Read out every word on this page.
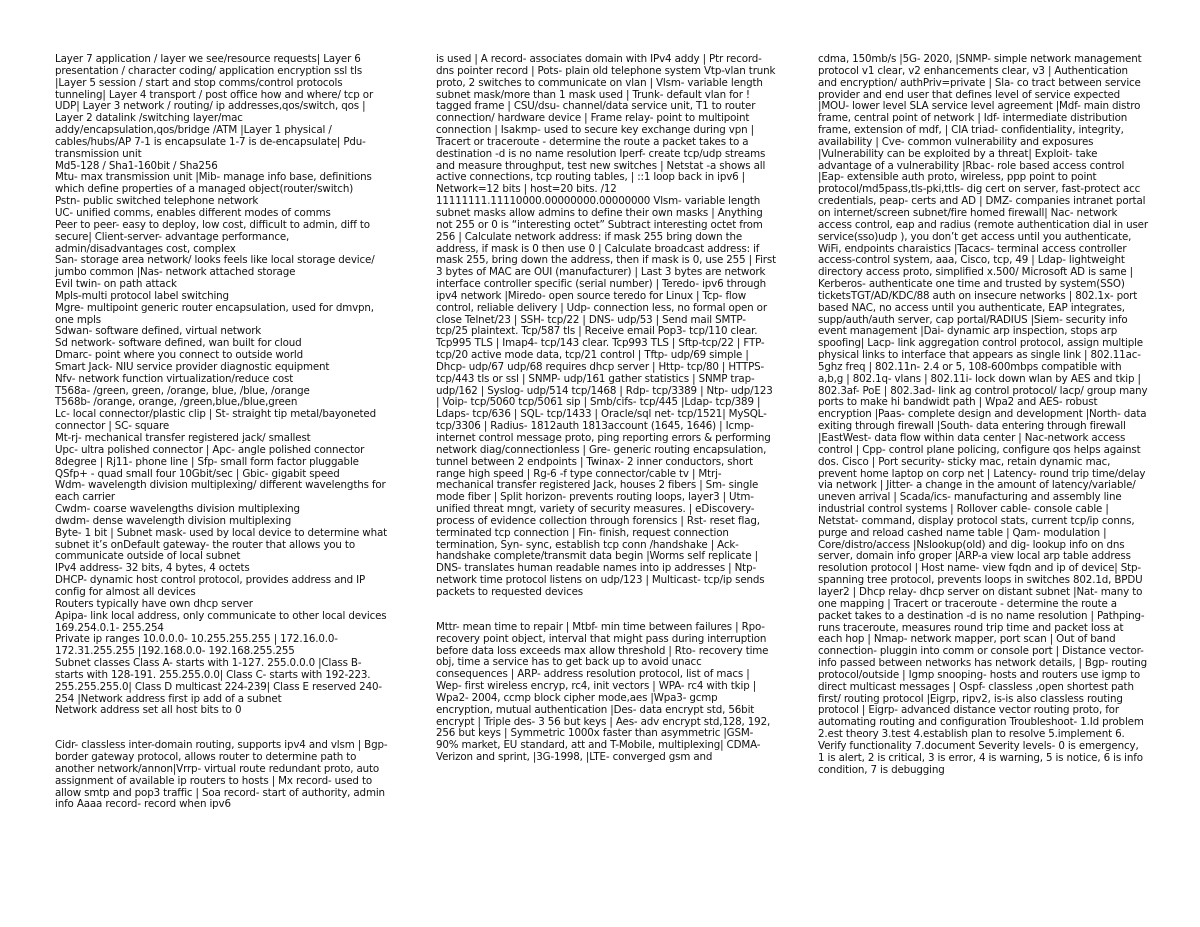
Layer 7 application / layer we see/resource requests| Layer 6 presentation / character coding/ application encryption ssl tls |Layer 5 session / start and stop comms/control protocols tunneling| Layer 4 transport / post office how and where/ tcp or UDP| Layer 3 network / routing/ ip addresses,qos/switch, qos | Layer 2 datalink /switching layer/mac addy/encapsulation,qos/bridge /ATM |Layer 1 physical / cables/hubs/AP 7-1 is encapsulate 1-7 is de-encapsulate| Pdu- transmission unit

Md5-128 / Sha1-160bit / Sha256

Mtu- max transmission unit |Mib- manage info base, definitions which define properties of a managed object(router/switch)

Pstn- public switched telephone network

UC- unified comms, enables different modes of comms

Peer to peer- easy to deploy, low cost, difficult to admin, diff to secure| Client-server- advantage performance, admin/disadvantages cost, complex

San- storage area network/ looks feels like local storage device/ jumbo common |Nas- network attached storage

Evil twin- on path attack

Mpls-multi protocol label switching

Mgre- multipoint generic router encapsulation, used for dmvpn, one mpls

Sdwan- software defined, virtual network

Sd network- software defined, wan built for cloud

Dmarc- point where you connect to outside world

Smart Jack- NIU service provider diagnostic equipment

Nfv- network function virtualization/reduce cost

T568a- /green, green, /orange, blue, /blue, /orange

T568b- /orange, orange, /green,blue,/blue,green

Lc- local connector/plastic clip | St- straight tip metal/bayoneted connector | SC- square

Mt-rj- mechanical transfer registered jack/ smallest

Upc- ultra polished connector | Apc- angle polished connector 8degree | Rj11- phone line | Sfp- small form factor pluggable

QSfp+ - quad small four 10Gbit/sec | Gbic- gigabit speed

Wdm- wavelength division multiplexing/ different wavelengths for each carrier

Cwdm- coarse wavelengths division multiplexing

dwdm- dense wavelength division multiplexing

Byte- 1 bit | Subnet mask- used by local device to determine what subnet it’s onDefault gateway- the router that allows you to communicate outside of local subnet

IPv4 address- 32 bits, 4 bytes, 4 octets

DHCP- dynamic host control protocol, provides address and IP config for almost all devices

Routers typically have own dhcp server

Apipa- link local address, only communicate to other local devices 169.254.0.1- 255.254

Private ip ranges 10.0.0.0- 10.255.255.255 | 172.16.0.0- 172.31.255.255 |192.168.0.0- 192.168.255.255

Subnet classes Class A- starts with 1-127. 255.0.0.0 |Class B- starts with 128-191. 255.255.0.0| Class C- starts with 192-223. 255.255.255.0| Class D multicast 224-239| Class E reserved 240-254 |Network address first ip add of a subnet

Network address set all host bits to 0

Cidr- classless inter-domain routing, supports ipv4 and vlsm | Bgp- border gateway protocol, allows router to determine path to another network/annon|Vrrp- virtual route redundant proto, auto assignment of available ip routers to hosts | Mx record- used to allow smtp and pop3 traffic | Soa record- start of authority, admin info Aaaa record- record when ipv6

is used | A record- associates domain with IPv4 addy | Ptr record- dns pointer record | Pots- plain old telephone system Vtp-vlan trunk proto, 2 switches to communicate on vlan | Vlsm- variable length subnet mask/more than 1 mask used | Trunk- default vlan for ! tagged frame | CSU/dsu- channel/data service unit, T1 to router connection/ hardware device | Frame relay- point to multipoint connection | Isakmp- used to secure key exchange during vpn | Tracert or traceroute - determine the route a packet takes to a destination -d is no name resolution Iperf- create tcp/udp streams and measure throughput, test new switches | Netstat -a shows all active connections, tcp routing tables, | ::1 loop back in ipv6 | Network=12 bits | host=20 bits. /12 11111111.11110000.00000000.00000000 Vlsm- variable length subnet masks allow admins to define their own masks | Anything not 255 or 0 is “interesting octet” Subtract interesting octet from 256 | Calculate network address: if mask 255 bring down the address, if mask is 0 then use 0 | Calculate broadcast address: if mask 255, bring down the address, then if mask is 0, use 255 | First 3 bytes of MAC are OUI (manufacturer) | Last 3 bytes are network interface controller specific (serial number) | Teredo- ipv6 through ipv4 network |Miredo- open source teredo for Linux | Tcp- flow control, reliable delivery | Udp- connection less, no formal open or close Telnet/23 | SSH- tcp/22 | DNS- udp/53 | Send mail SMTP- tcp/25 plaintext. Tcp/587 tls | Receive email Pop3- tcp/110 clear. Tcp995 TLS | Imap4- tcp/143 clear. Tcp993 TLS | Sftp-tcp/22 | FTP- tcp/20 active mode data, tcp/21 control | Tftp- udp/69 simple | Dhcp- udp/67 udp/68 requires dhcp server | Http- tcp/80 | HTTPS- tcp/443 tls or ssl | SNMP- udp/161 gather statistics | SNMP trap- udp/162 | Syslog- udp/514 tcp/1468 | Rdp- tcp/3389 | Ntp- udp/123 | Voip- tcp/5060 tcp/5061 sip | Smb/cifs- tcp/445 |Ldap- tcp/389 | Ldaps- tcp/636 | SQL- tcp/1433 | Oracle/sql net- tcp/1521| MySQL- tcp/3306 | Radius- 1812auth 1813account (1645, 1646) | Icmp- internet control message proto, ping reporting errors & performing network diag/connectionless | Gre- generic routing encapsulation, tunnel between 2 endpoints | Twinax- 2 inner conductors, short range high speed | Rg-6 -f type connector/cable tv | Mtrj- mechanical transfer registered Jack, houses 2 fibers | Sm- single mode fiber | Split horizon- prevents routing loops, layer3 | Utm- unified threat mngt, variety of security measures. | eDiscovery- process of evidence collection through forensics | Rst- reset flag, terminated tcp connection | Fin- finish, request connection termination, Syn- sync, establish tcp conn /handshake | Ack- handshake complete/transmit data begin |Worms self replicate | DNS- translates human readable names into ip addresses | Ntp- network time protocol listens on udp/123 | Multicast- tcp/ip sends packets to requested devices

Mttr- mean time to repair | Mtbf- min time between failures | Rpo- recovery point object, interval that might pass during interruption before data loss exceeds max allow threshold | Rto- recovery time obj, time a service has to get back up to avoid unacc consequences | ARP- address resolution protocol, list of macs | Wep- first wireless encryp, rc4, init vectors | WPA- rc4 with tkip | Wpa2- 2004, ccmp block cipher mode,aes |Wpa3- gcmp encryption, mutual authentication |Des- data encrypt std, 56bit encrypt | Triple des- 3 56 but keys | Aes- adv encrypt std,128, 192, 256 but keys | Symmetric 1000x faster than asymmetric |GSM- 90% market, EU standard, att and T-Mobile, multiplexing| CDMA- Verizon and sprint, |3G-1998, |LTE- converged gsm and

cdma, 150mb/s |5G- 2020, |SNMP- simple network management protocol v1 clear, v2 enhancements clear, v3 | Authentication and encryption/ authPriv=private | Sla- co tract between service provider and end user that defines level of service expected |MOU- lower level SLA service level agreement |Mdf- main distro frame, central point of network | Idf- intermediate distribution frame, extension of mdf, | CIA triad- confidentiality, integrity, availability | Cve- common vulnerability and exposures |Vulnerability can be exploited by a threat| Exploit- take advantage of a vulnerability |Rbac- role based access control |Eap- extensible auth proto, wireless, ppp point to point protocol/md5pass,tls-pki,ttls- dig cert on server, fast-protect acc credentials, peap- certs and AD | DMZ- companies intranet portal on internet/screen subnet/fire homed firewall| Nac- network access control, eap and radius (remote authentication dial in user service(sso)udp ), you don’t get access until you authenticate, WiFi, endpoints charaistics |Tacacs- terminal access controller access-control system, aaa, Cisco, tcp, 49 | Ldap- lightweight directory access proto, simplified x.500/ Microsoft AD is same | Kerberos- authenticate one time and trusted by system(SSO) ticketsTGT/AD/KDC/88 auth on insecure networks | 802.1x- port based NAC, no access until you authenticate, EAP integrates, supp/auth/auth server, cap portal/RADIUS |Siem- security info event management |Dai- dynamic arp inspection, stops arp spoofing| Lacp- link aggregation control protocol, assign multiple physical links to interface that appears as single link | 802.11ac- 5ghz freq | 802.11n- 2.4 or 5, 108-600mbps compatible with a,b,g | 802.1q- vlans | 802.11i- lock down wlan by AES and tkip | 802.3af- PoE | 802.3ad- link ag control protocol/ lacp/ group many ports to make hi bandwidt path | Wpa2 and AES- robust encryption |Paas- complete design and development |North- data exiting through firewall |South- data entering through firewall |EastWest- data flow within data center | Nac-network access control | Cpp- control plane policing, configure qos helps against dos. Cisco | Port security- sticky mac, retain dynamic mac, prevent home laptop on corp net | Latency- round trip time/delay via network | Jitter- a change in the amount of latency/variable/ uneven arrival | Scada/ics- manufacturing and assembly line industrial control systems | Rollover cable- console cable | Netstat- command, display protocol stats, current tcp/ip conns, purge and reload cashed name table | Qam- modulation | Core/distro/access |Nslookup(old) and dig- lookup info on dns server, domain info groper |ARP-a view local arp table address resolution protocol | Host name- view fqdn and ip of device| Stp- spanning tree protocol, prevents loops in switches 802.1d, BPDU layer2 | Dhcp relay- dhcp server on distant subnet |Nat- many to one mapping | Tracert or traceroute - determine the route a packet takes to a destination -d is no name resolution | Pathping- runs traceroute, measures round trip time and packet loss at each hop | Nmap- network mapper, port scan | Out of band connection- pluggin into comm or console port | Distance vector- info passed between networks has network details, | Bgp- routing protocol/outside | Igmp snooping- hosts and routers use igmp to direct multicast messages | Ospf- classless ,open shortest path first/ routing protocol |Eigrp, ripv2, is-is also classless routing protocol | Eigrp- advanced distance vector routing proto, for automating routing and configuration Troubleshoot- 1.Id problem 2.est theory 3.test 4.establish plan to resolve 5.implement 6. Verify functionality 7.document Severity levels- 0 is emergency, 1 is alert, 2 is critical, 3 is error, 4 is warning, 5 is notice, 6 is info condition, 7 is debugging
